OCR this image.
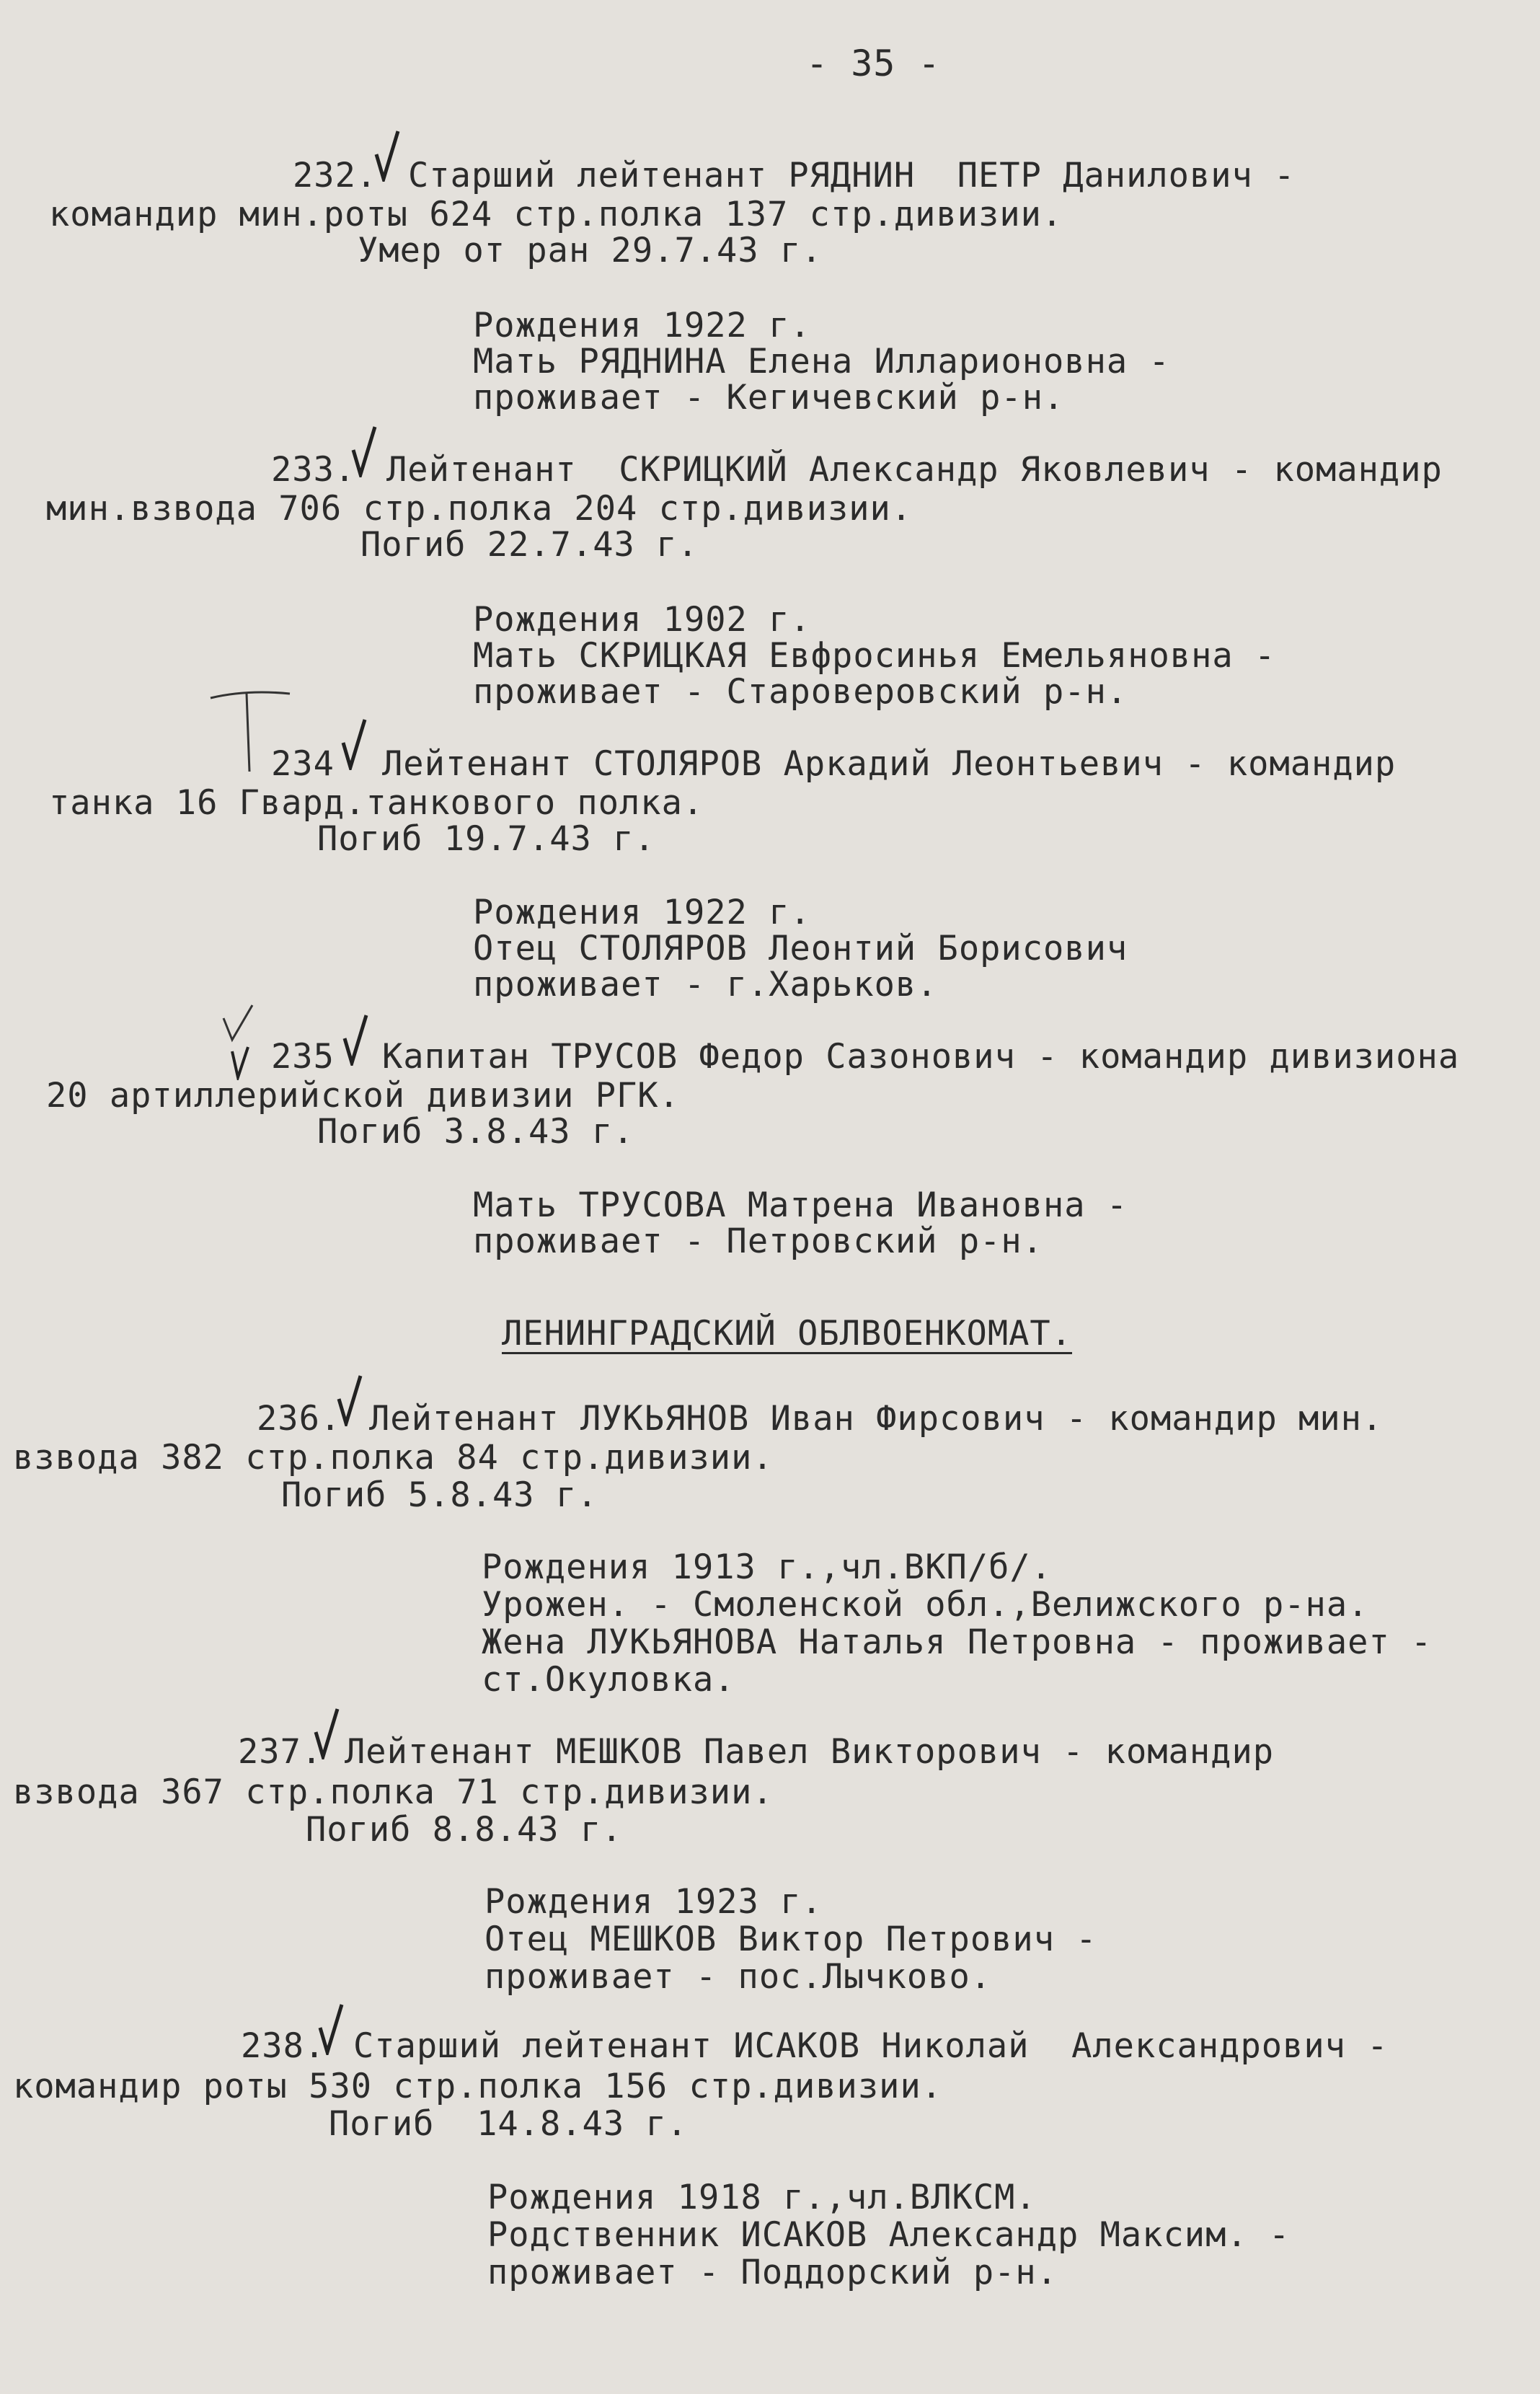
- 35 -
232. Старший лейтенант РЯДНИН  ПЕТР Данилович -
командир мин.роты 624 стр.полка 137 стр.дивизии.
Умер от ран 29.7.43 г.
Рождения 1922 г.
Мать РЯДНИНА Елена Илларионовна -
проживает - Кегичевский р-н.
233. Лейтенант  СКРИЦКИЙ Александр Яковлевич - командир
мин.взвода 706 стр.полка 204 стр.дивизии.
Погиб 22.7.43 г.
Рождения 1902 г.
Мать СКРИЦКАЯ Евфросинья Емельяновна -
проживает - Староверовский р-н.
234 Лейтенант СТОЛЯРОВ Аркадий Леонтьевич - командир
танка 16 Гвард.танкового полка.
Погиб 19.7.43 г.
Рождения 1922 г.
Отец СТОЛЯРОВ Леонтий Борисович
проживает - г.Харьков.
235 Капитан ТРУСОВ Федор Сазонович - командир дивизиона
20 артиллерийской дивизии РГК.
Погиб 3.8.43 г.
Мать ТРУСОВА Матрена Ивановна -
проживает - Петровский р-н.
ЛЕНИНГРАДСКИЙ ОБЛВОЕНКОМАТ.
236. Лейтенант ЛУКЬЯНОВ Иван Фирсович - командир мин.
взвода 382 стр.полка 84 стр.дивизии.
Погиб 5.8.43 г.
Рождения 1913 г.,чл.ВКП/б/.
Урожен. - Смоленской обл.,Велижского р-на.
Жена ЛУКЬЯНОВА Наталья Петровна - проживает -
ст.Окуловка.
237. Лейтенант МЕШКОВ Павел Викторович - командир
взвода 367 стр.полка 71 стр.дивизии.
Погиб 8.8.43 г.
Рождения 1923 г.
Отец МЕШКОВ Виктор Петрович -
проживает - пос.Лычково.
238. Старший лейтенант ИСАКОВ Николай  Александрович -
командир роты 530 стр.полка 156 стр.дивизии.
Погиб  14.8.43 г.
Рождения 1918 г.,чл.ВЛКСМ.
Родственник ИСАКОВ Александр Максим. -
проживает - Поддорский р-н.
